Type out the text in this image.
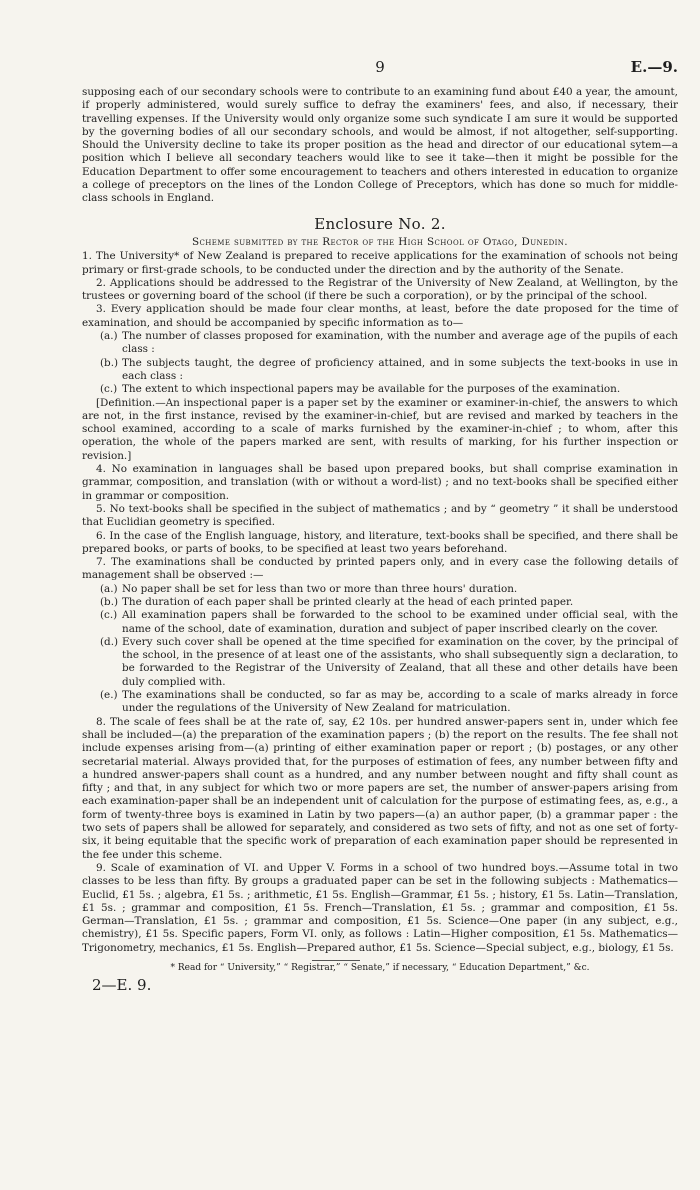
9	E.—9.

supposing each of our secondary schools were to contribute to an examining fund about £40 a year, the amount, if properly administered, would surely suffice to defray the examiners' fees, and also, if necessary, their travelling expenses. If the University would only organize some such syndicate I am sure it would be supported by the governing bodies of all our secondary schools, and would be almost, if not altogether, self-supporting. Should the University decline to take its proper position as the head and director of our educational sytem—a position which I believe all secondary teachers would like to see it take—then it might be possible for the Education Department to offer some encouragement to teachers and others interested in education to organize a college of preceptors on the lines of the London College of Preceptors, which has done so much for middle-class schools in England.

Enclosure No. 2.
Scheme submitted by the Rector of the High School of Otago, Dunedin.

1. The University* of New Zealand is prepared to receive applications for the examination of schools not being primary or first-grade schools, to be conducted under the direction and by the authority of the Senate.

2. Applications should be addressed to the Registrar of the University of New Zealand, at Wellington, by the trustees or governing board of the school (if there be such a corporation), or by the principal of the school.

3. Every application should be made four clear months, at least, before the date proposed for the time of examination, and should be accompanied by specific information as to—

(a.) The number of classes proposed for examination, with the number and average age of the pupils of each class :
(b.) The subjects taught, the degree of proficiency attained, and in some subjects the text-books in use in each class :
(c.) The extent to which inspectional papers may be available for the purposes of the examination.

[Definition.—An inspectional paper is a paper set by the examiner or examiner-in-chief, the answers to which are not, in the first instance, revised by the examiner-in-chief, but are revised and marked by teachers in the school examined, according to a scale of marks furnished by the examiner-in-chief ; to whom, after this operation, the whole of the papers marked are sent, with results of marking, for his further inspection or revision.]

4. No examination in languages shall be based upon prepared books, but shall comprise examination in grammar, composition, and translation (with or without a word-list) ; and no text-books shall be specified either in grammar or composition.

5. No text-books shall be specified in the subject of mathematics ; and by “ geometry ” it shall be understood that Euclidian geometry is specified.

6. In the case of the English language, history, and literature, text-books shall be specified, and there shall be prepared books, or parts of books, to be specified at least two years beforehand.

7. The examinations shall be conducted by printed papers only, and in every case the following details of management shall be observed :—

(a.) No paper shall be set for less than two or more than three hours' duration.
(b.) The duration of each paper shall be printed clearly at the head of each printed paper.
(c.) All examination papers shall be forwarded to the school to be examined under official seal, with the name of the school, date of examination, duration and subject of paper inscribed clearly on the cover.
(d.) Every such cover shall be opened at the time specified for examination on the cover, by the principal of the school, in the presence of at least one of the assistants, who shall subsequently sign a declaration, to be forwarded to the Registrar of the University of Zealand, that all these and other details have been duly complied with.
(e.) The examinations shall be conducted, so far as may be, according to a scale of marks already in force under the regulations of the University of New Zealand for matriculation.

8. The scale of fees shall be at the rate of, say, £2 10s. per hundred answer-papers sent in, under which fee shall be included—(a) the preparation of the examination papers ; (b) the report on the results. The fee shall not include expenses arising from—(a) printing of either examination paper or report ; (b) postages, or any other secretarial material. Always provided that, for the purposes of estimation of fees, any number between fifty and a hundred answer-papers shall count as a hundred, and any number between nought and fifty shall count as fifty ; and that, in any subject for which two or more papers are set, the number of answer-papers arising from each examination-paper shall be an independent unit of calculation for the purpose of estimating fees, as, e.g., a form of twenty-three boys is examined in Latin by two papers—(a) an author paper, (b) a grammar paper : the two sets of papers shall be allowed for separately, and considered as two sets of fifty, and not as one set of forty-six, it being equitable that the specific work of preparation of each examination paper should be represented in the fee under this scheme.

9. Scale of examination of VI. and Upper V. Forms in a school of two hundred boys.—Assume total in two classes to be less than fifty. By groups a graduated paper can be set in the following subjects : Mathematics—Euclid, £1 5s. ; algebra, £1 5s. ; arithmetic, £1 5s. English—Grammar, £1 5s. ; history, £1 5s. Latin—Translation, £1 5s. ; grammar and composition, £1 5s. French—Translation, £1 5s. ; grammar and composition, £1 5s. German—Translation, £1 5s. ; grammar and composition, £1 5s. Science—One paper (in any subject, e.g., chemistry), £1 5s. Specific papers, Form VI. only, as follows : Latin—Higher composition, £1 5s. Mathematics—Trigonometry, mechanics, £1 5s. English—Prepared author, £1 5s. Science—Special subject, e.g., biology, £1 5s.

* Read for “ University,” “ Registrar,” “ Senate,” if necessary, “ Education Department,” &c.

2—E. 9.
